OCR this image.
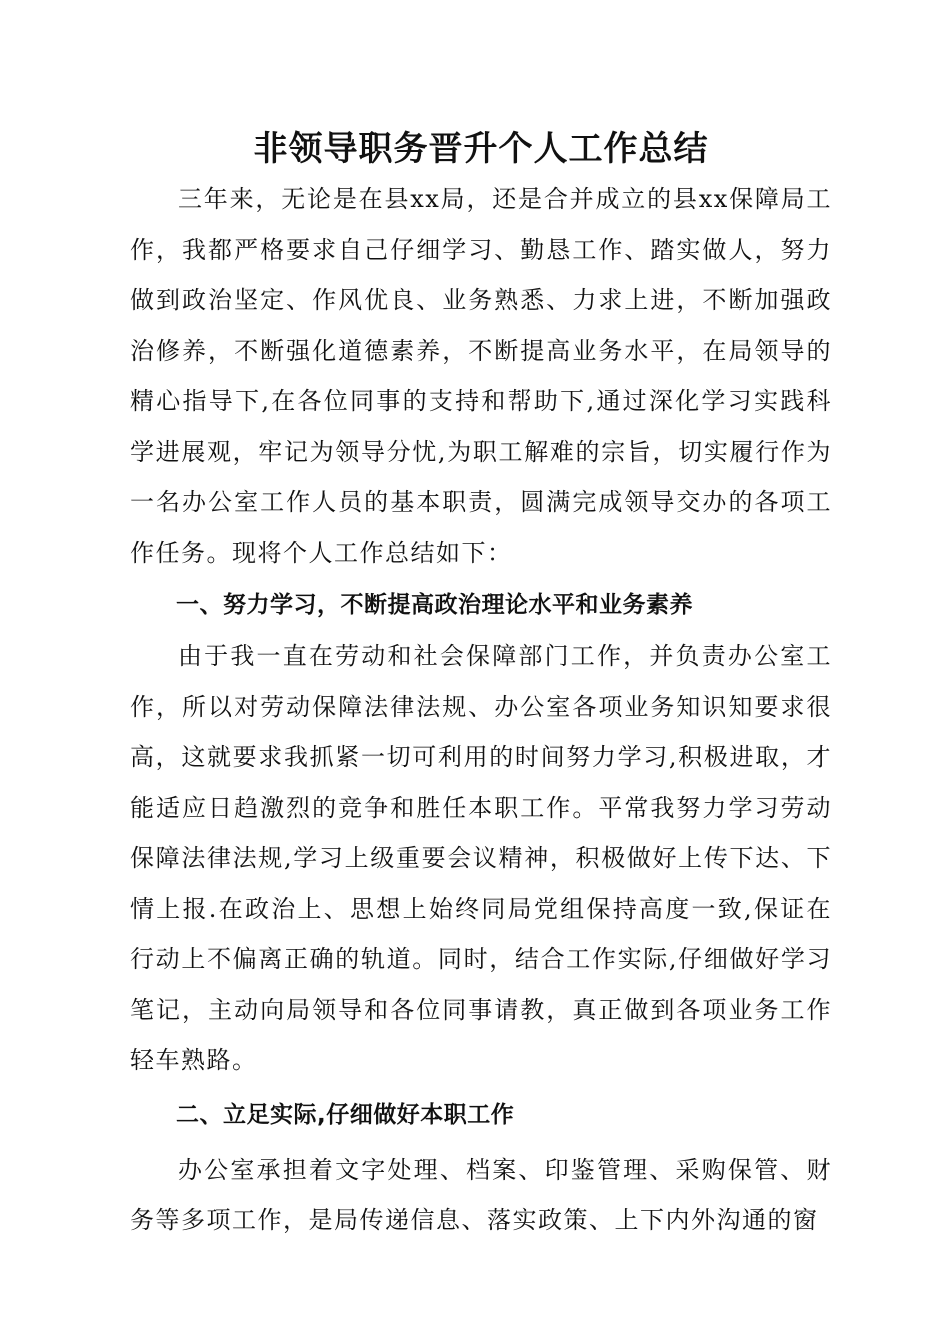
非领导职务晋升个人工作总结

三年来，无论是在县xx局，还是合并成立的县xx保障局工作，我都严格要求自己仔细学习、勤恳工作、踏实做人，努力做到政治坚定、作风优良、业务熟悉、力求上进，不断加强政治修养，不断强化道德素养，不断提高业务水平，在局领导的精心指导下,在各位同事的支持和帮助下,通过深化学习实践科学进展观，牢记为领导分忧,为职工解难的宗旨，切实履行作为一名办公室工作人员的基本职责，圆满完成领导交办的各项工作任务。现将个人工作总结如下：

一、努力学习，不断提高政治理论水平和业务素养

由于我一直在劳动和社会保障部门工作，并负责办公室工作，所以对劳动保障法律法规、办公室各项业务知识知要求很高，这就要求我抓紧一切可利用的时间努力学习,积极进取，才能适应日趋激烈的竞争和胜任本职工作。平常我努力学习劳动保障法律法规,学习上级重要会议精神，积极做好上传下达、下情上报.在政治上、思想上始终同局党组保持高度一致,保证在行动上不偏离正确的轨道。同时，结合工作实际,仔细做好学习笔记，主动向局领导和各位同事请教，真正做到各项业务工作轻车熟路。

二、立足实际,仔细做好本职工作

办公室承担着文字处理、档案、印鉴管理、采购保管、财务等多项工作，是局传递信息、落实政策、上下内外沟通的窗
